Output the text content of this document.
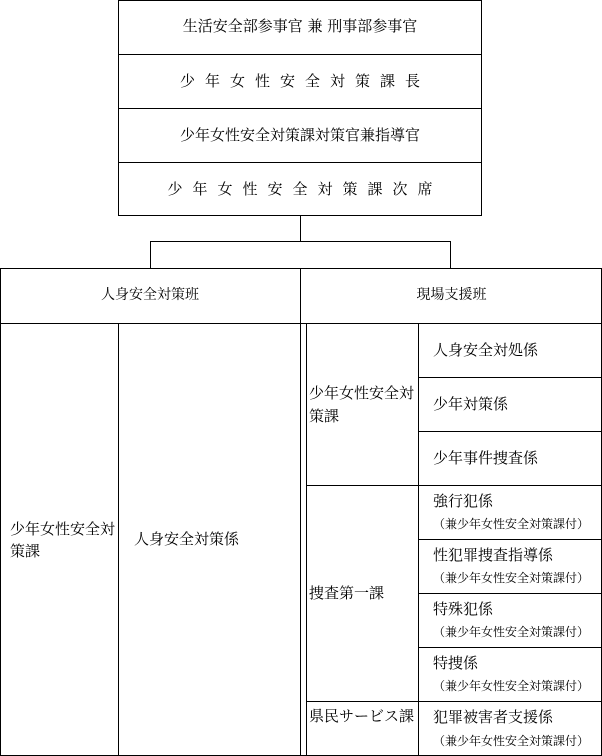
生活安全部参事官 兼 刑事部参事官
少年女性安全対策課長
少年女性安全対策課対策官兼指導官
少年女性安全対策課次席
人身安全対策班	現場支援班
少年女性安全対策課
人身安全対策係
少年女性安全対策課
人身安全対処係
少年対策係
少年事件捜査係
捜査第一課
強行犯係
（兼少年女性安全対策課付）
性犯罪捜査指導係
（兼少年女性安全対策課付）
特殊犯係
（兼少年女性安全対策課付）
特捜係
（兼少年女性安全対策課付）
県民サービス課 犯罪被害者支援係
（兼少年女性安全対策課付）
